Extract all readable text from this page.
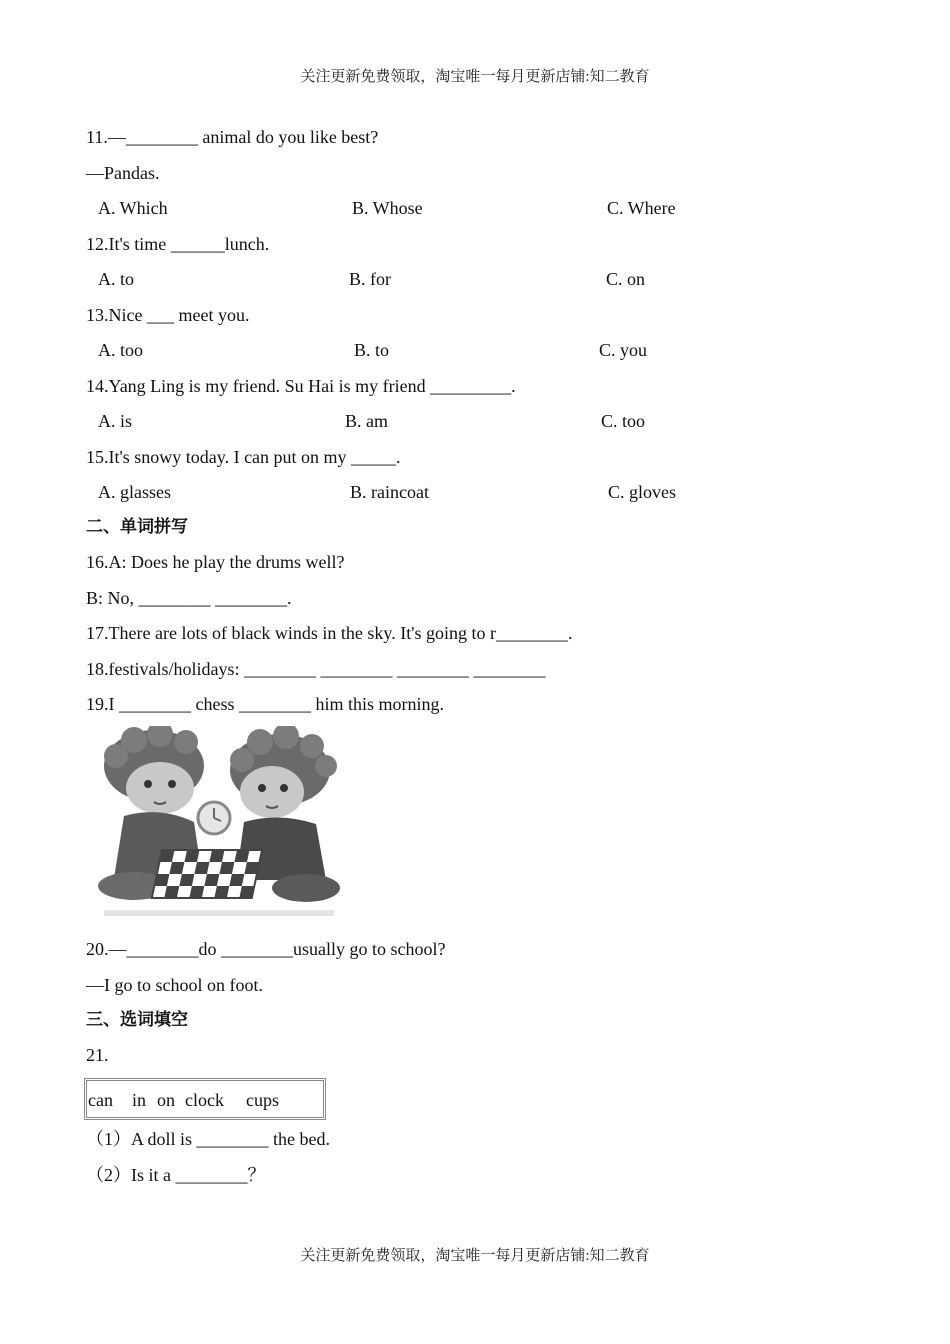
关注更新免费领取，淘宝唯一每月更新店铺:知二教育
11.—________ animal do you like best?
—Pandas.
A. Which	B. Whose	C. Where
12.It's time ______lunch.
A. to	B. for	C. on
13.Nice ___ meet you.
A. too	B. to	C. you
14.Yang Ling is my friend. Su Hai is my friend _________.
A. is	B. am	C. too
15.It's snowy today. I can put on my _____.
A. glasses	B. raincoat	C. gloves
二、单词拼写
16.A: Does he play the drums well?
B: No, ________ ________.
17.There are lots of black winds in the sky. It's going to r________.
18.festivals/holidays: ________ ________ ________ ________
19.I ________ chess ________ him this morning.
20.—________do ________usually go to school?
—I go to school on foot.
三、选词填空
21.
can in on clock cups
（1）A doll is ________ the bed.
（2）Is it a ________？
关注更新免费领取，淘宝唯一每月更新店铺:知二教育
